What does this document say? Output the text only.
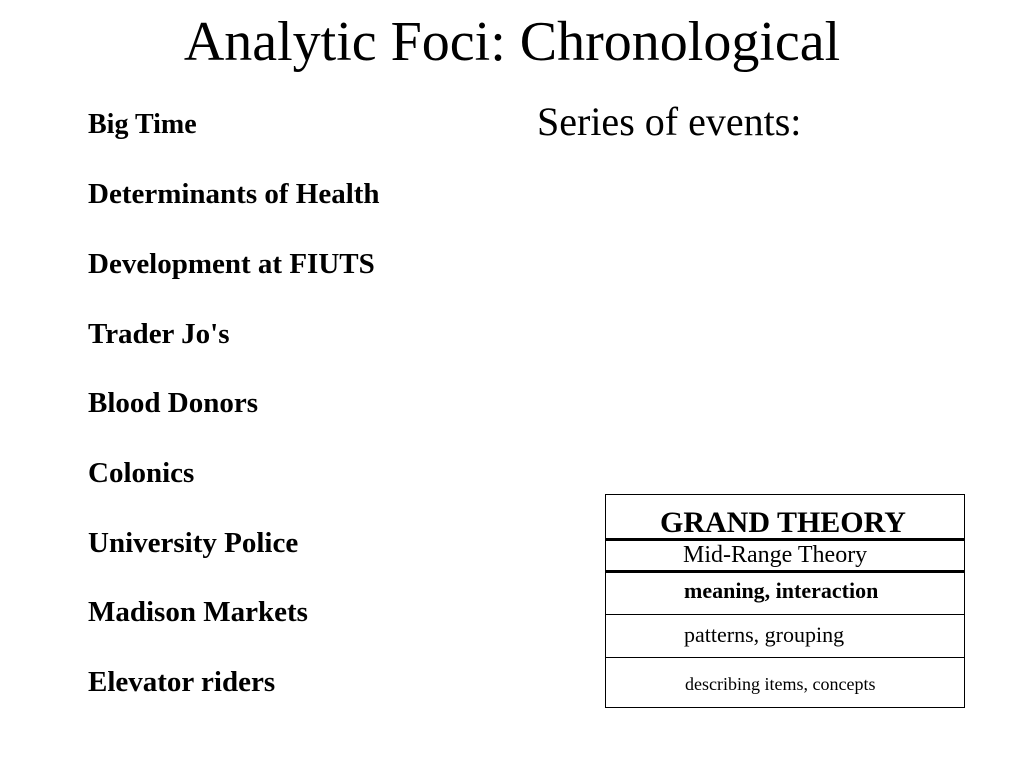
Analytic Foci: Chronological
Big Time
Determinants of Health
Development at FIUTS
Trader Jo's
Blood Donors
Colonics
University Police
Madison Markets
Elevator riders
Series of events:
GRAND THEORY
Mid-Range Theory
meaning, interaction
patterns, grouping
describing items, concepts
